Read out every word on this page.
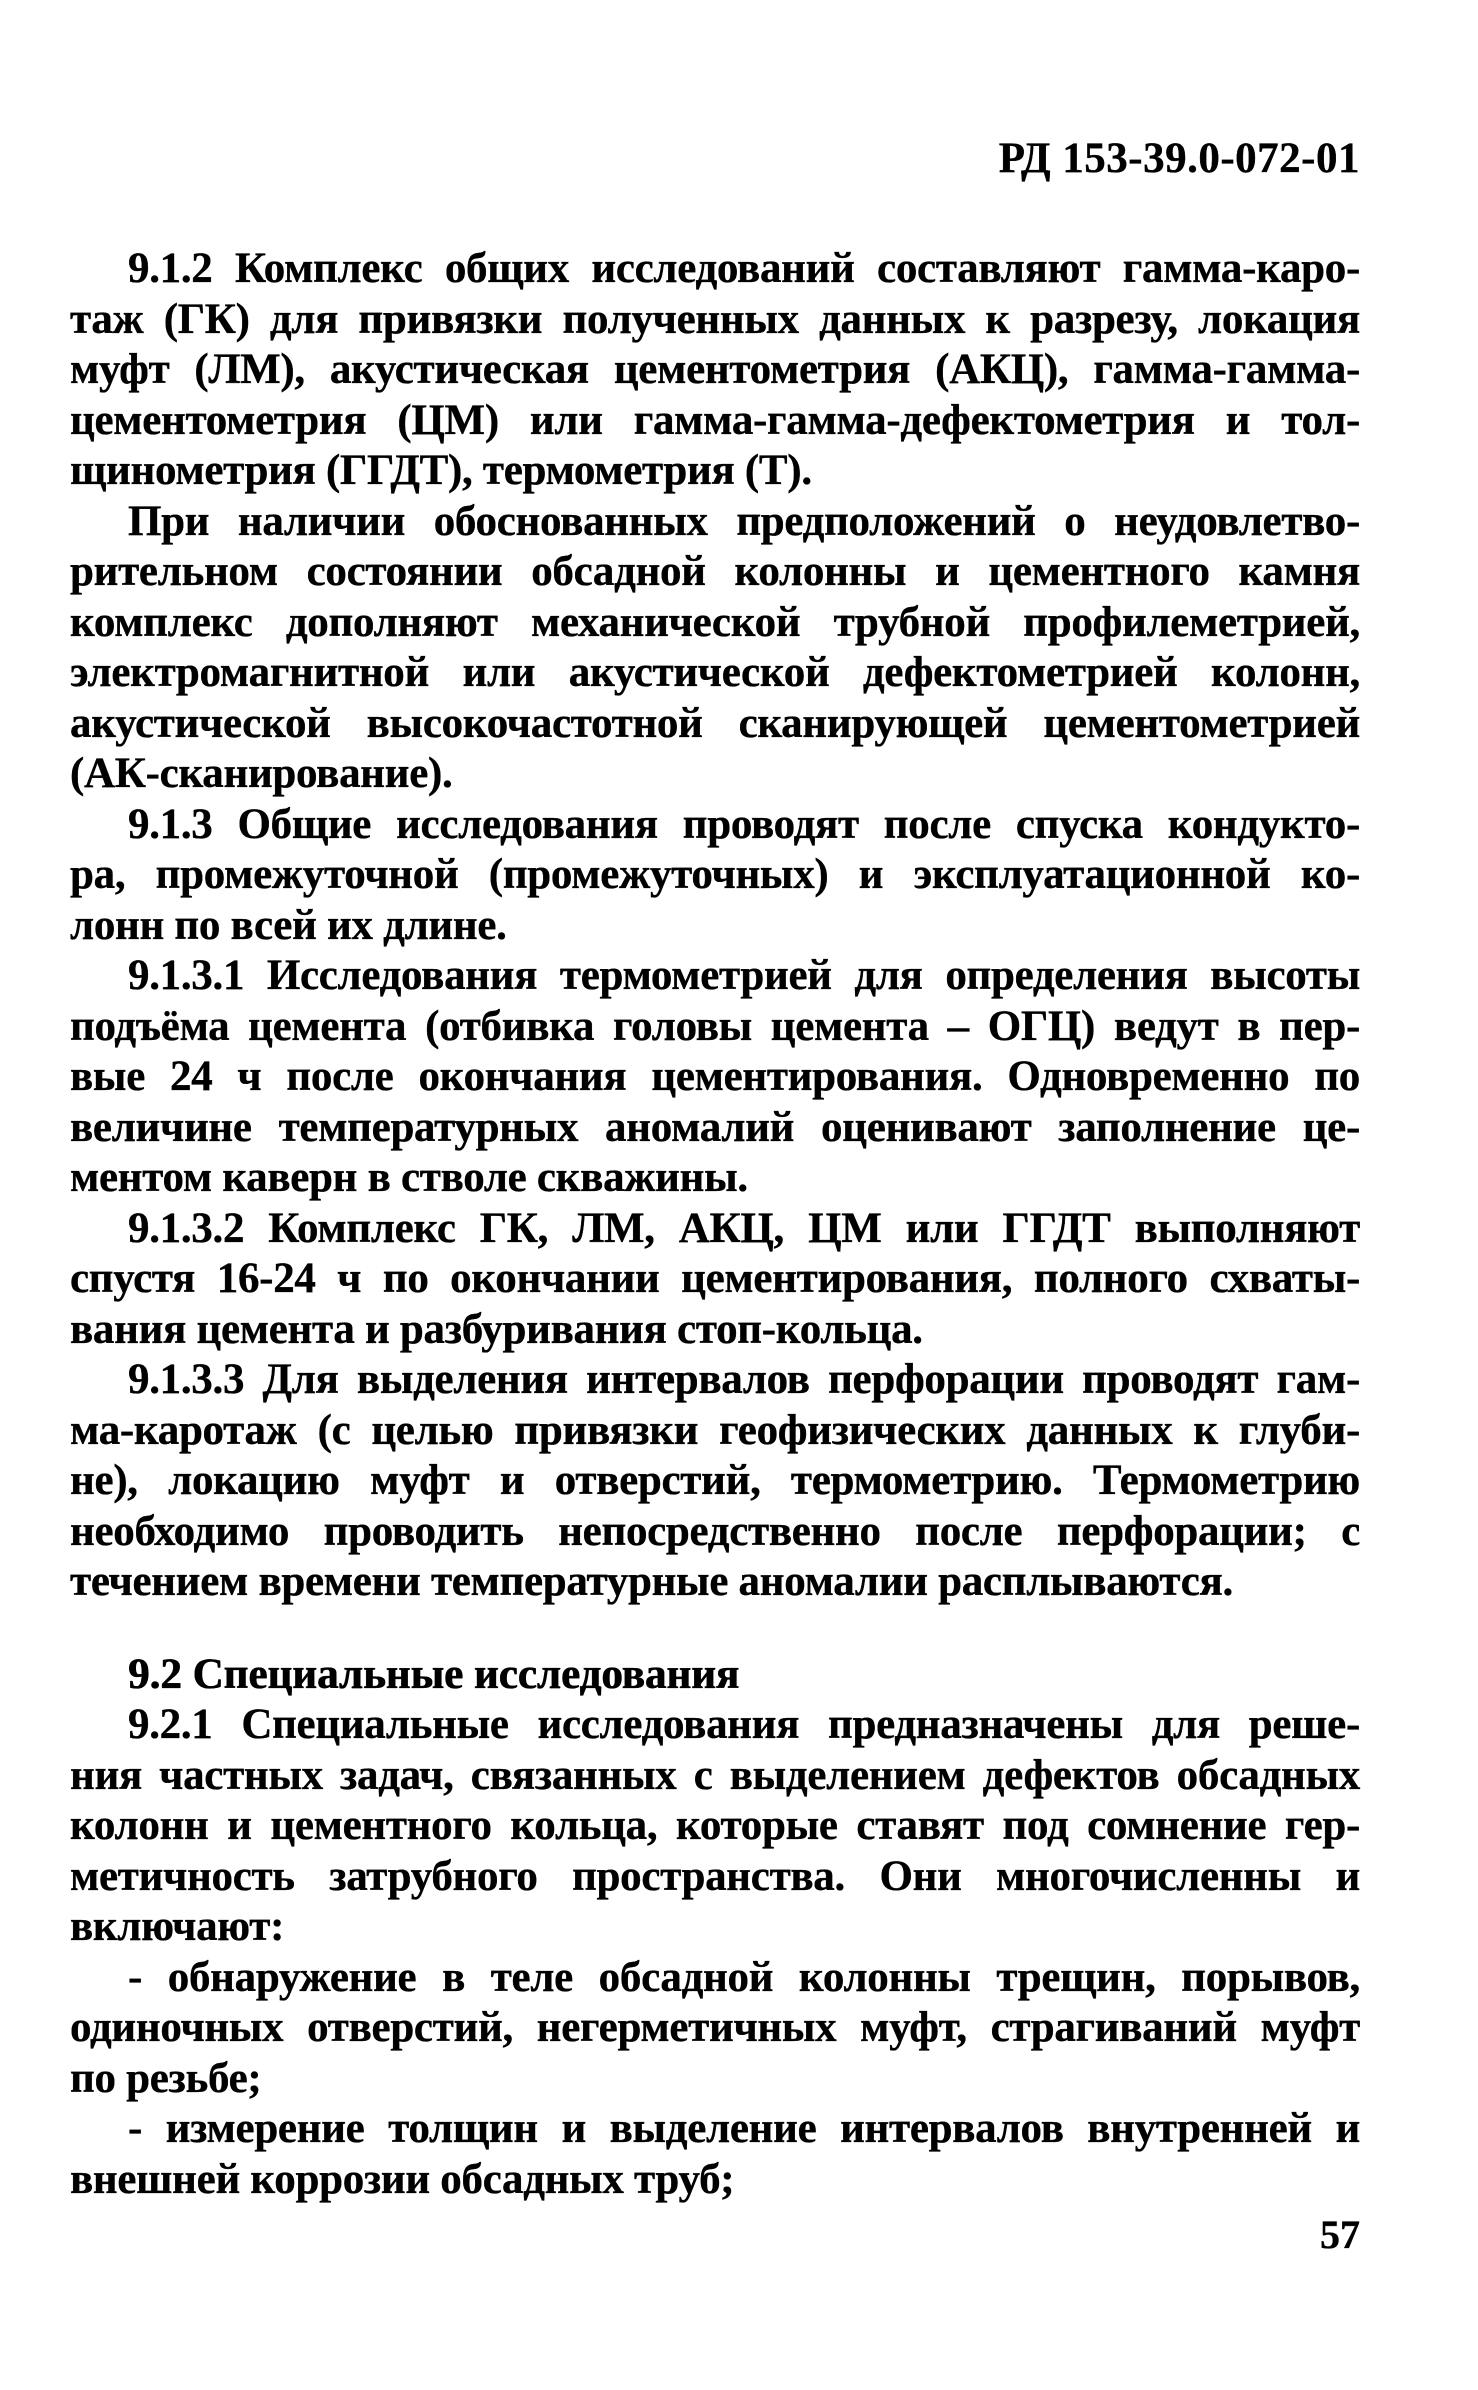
РД 153-39.0-072-01
9.1.2 Комплекс общих исследований составляют гамма-каро-
таж (ГК) для привязки полученных данных к разрезу, локация
муфт (ЛМ), акустическая цементометрия (АКЦ), гамма-гамма-
цементометрия (ЦМ) или гамма-гамма-дефектометрия и тол-
щинометрия (ГГДТ), термометрия (Т).
При наличии обоснованных предположений о неудовлетво-
рительном состоянии обсадной колонны и цементного камня
комплекс дополняют механической трубной профилеметрией,
электромагнитной или акустической дефектометрией колонн,
акустической высокочастотной сканирующей цементометрией
(АК-сканирование).
9.1.3 Общие исследования проводят после спуска кондукто-
ра, промежуточной (промежуточных) и эксплуатационной ко-
лонн по всей их длине.
9.1.3.1 Исследования термометрией для определения высоты
подъёма цемента (отбивка головы цемента – ОГЦ) ведут в пер-
вые 24 ч после окончания цементирования. Одновременно по
величине температурных аномалий оценивают заполнение це-
ментом каверн в стволе скважины.
9.1.3.2 Комплекс ГК, ЛМ, АКЦ, ЦМ или ГГДТ выполняют
спустя 16-24 ч по окончании цементирования, полного схваты-
вания цемента и разбуривания стоп-кольца.
9.1.3.3 Для выделения интервалов перфорации проводят гам-
ма-каротаж (с целью привязки геофизических данных к глуби-
не), локацию муфт и отверстий, термометрию. Термометрию
необходимо проводить непосредственно после перфорации; с
течением времени температурные аномалии расплываются.
9.2 Специальные исследования
9.2.1 Специальные исследования предназначены для реше-
ния частных задач, связанных с выделением дефектов обсадных
колонн и цементного кольца, которые ставят под сомнение гер-
метичность затрубного пространства. Они многочисленны и
включают:
- обнаружение в теле обсадной колонны трещин, порывов,
одиночных отверстий, негерметичных муфт, страгиваний муфт
по резьбе;
- измерение толщин и выделение интервалов внутренней и
внешней коррозии обсадных труб;
57
